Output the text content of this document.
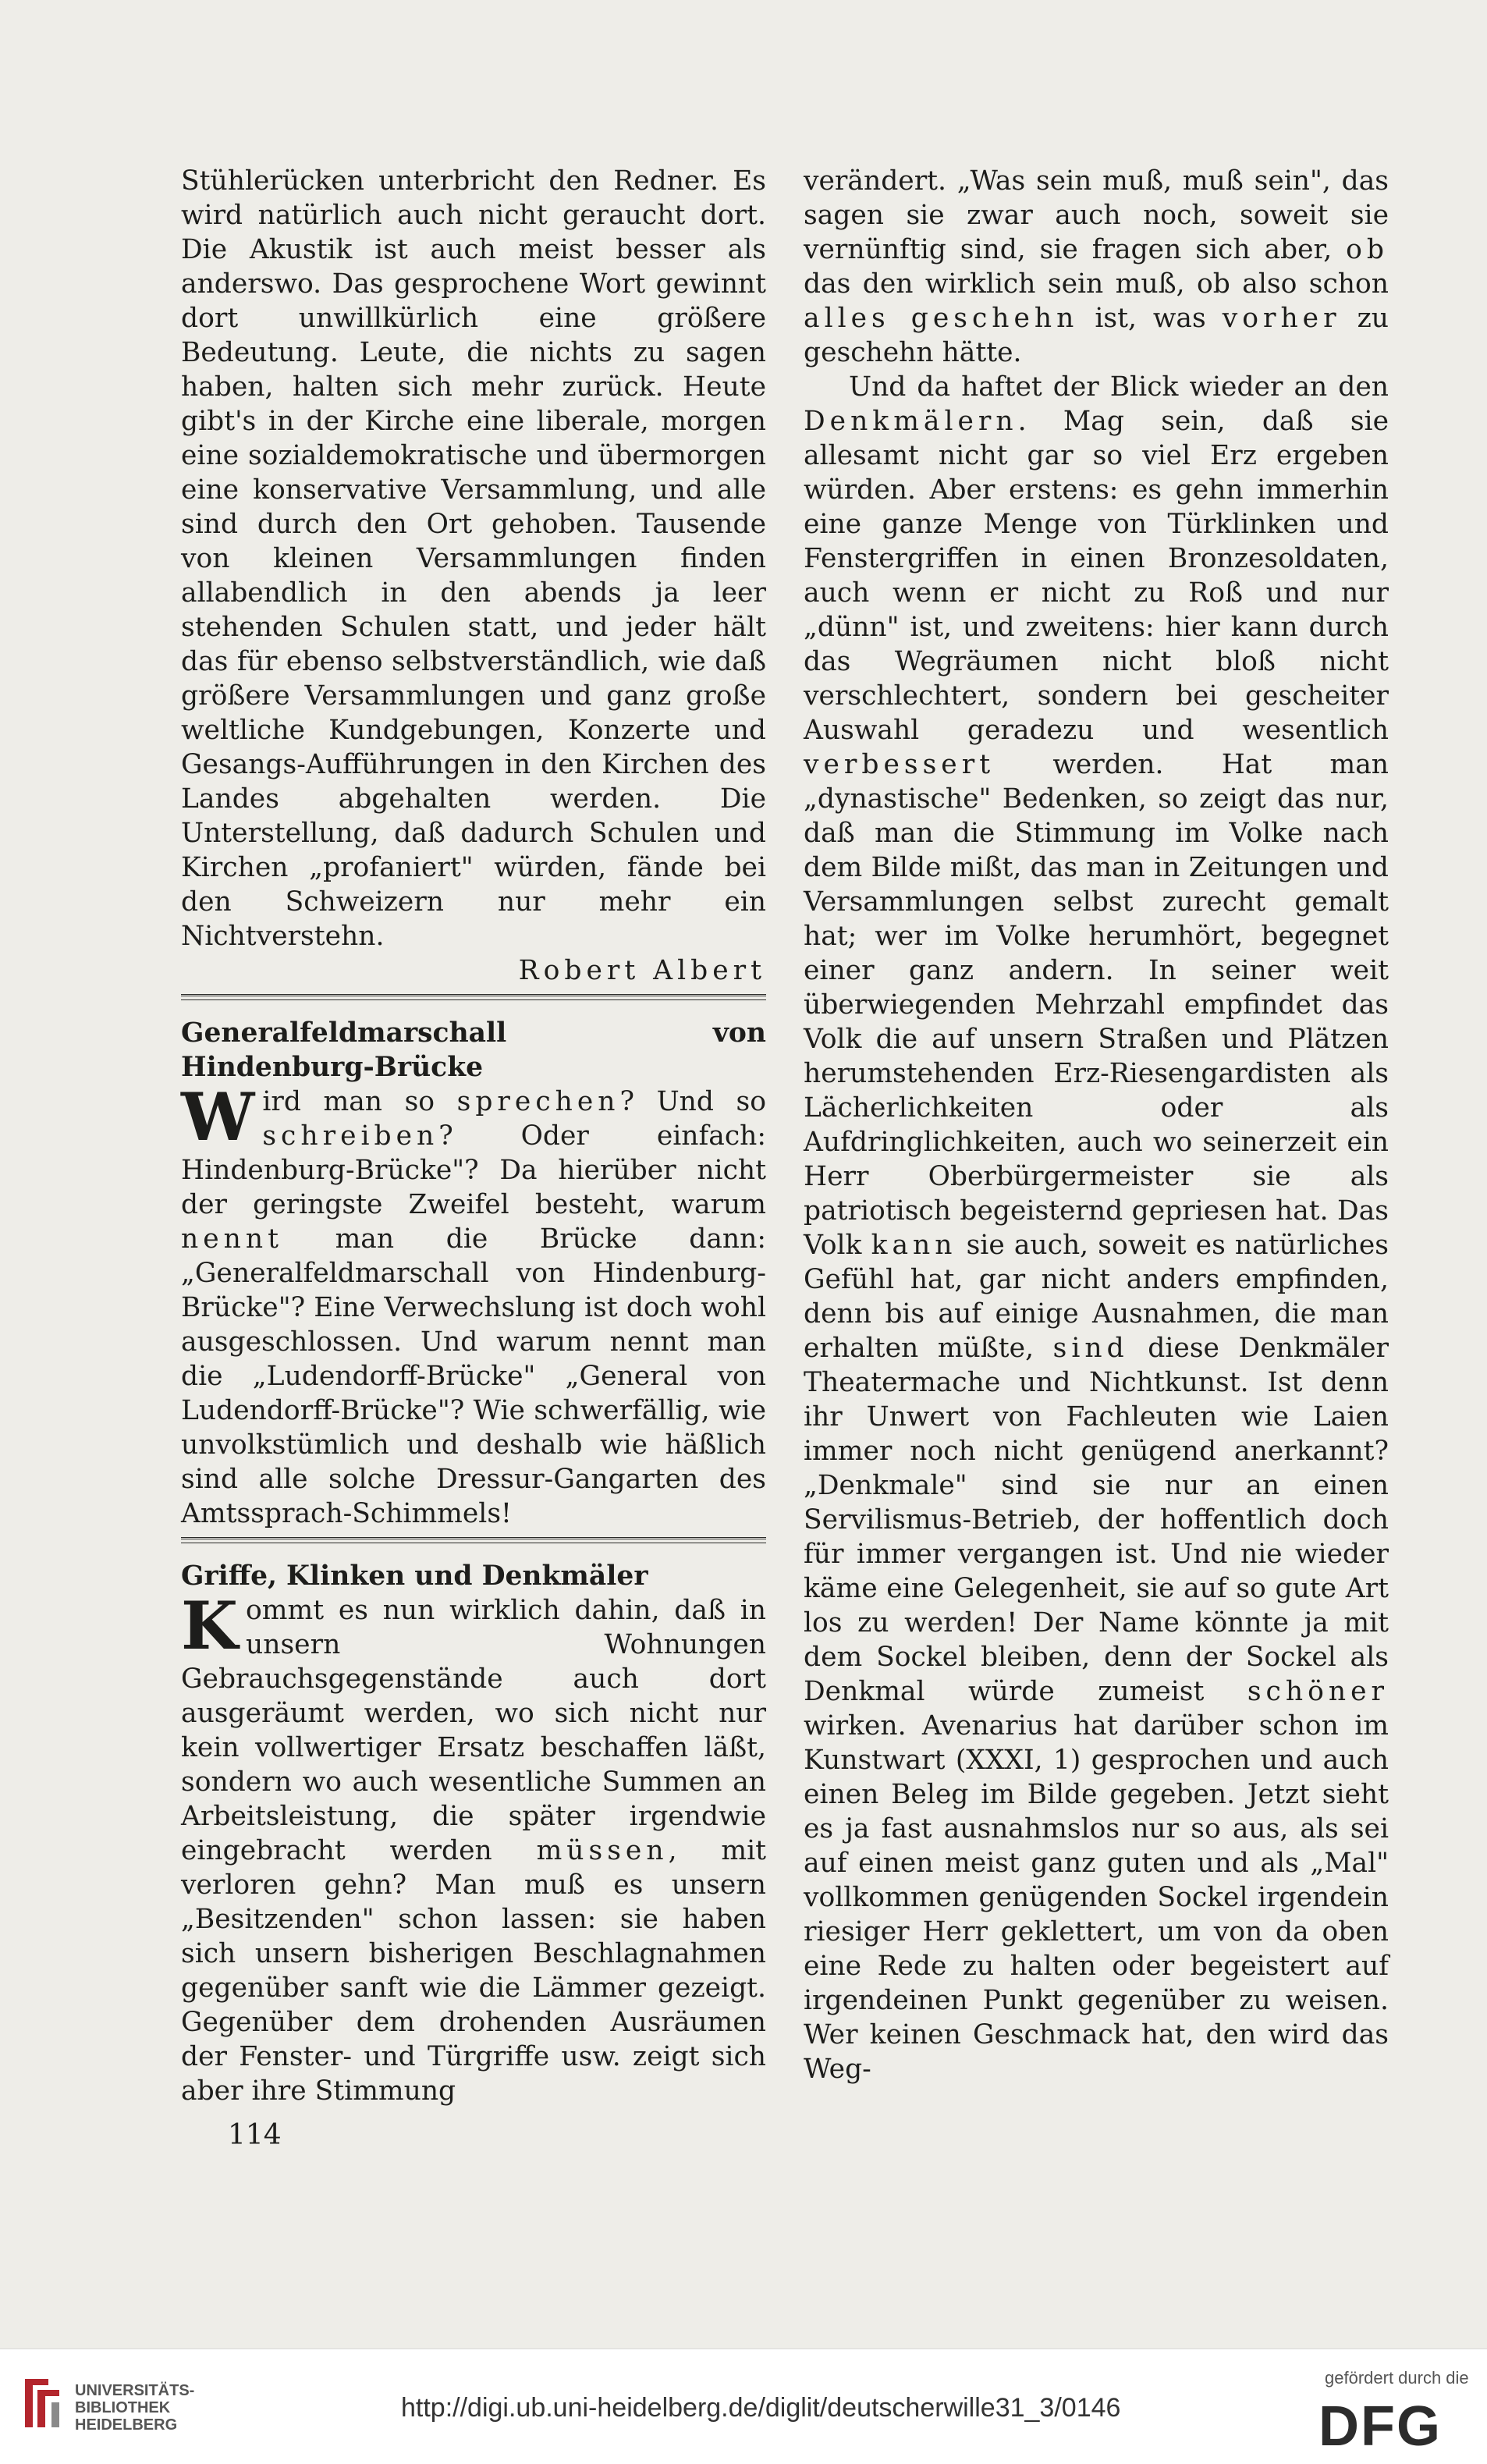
Stühlerücken unterbricht den Redner. Es wird natürlich auch nicht geraucht dort. Die Akustik ist auch meist besser als anderswo. Das gesprochene Wort gewinnt dort unwillkürlich eine größere Bedeutung. Leute, die nichts zu sagen haben, halten sich mehr zurück. Heute gibt's in der Kirche eine liberale, morgen eine sozialdemokratische und übermorgen eine konservative Versammlung, und alle sind durch den Ort gehoben. Tausende von kleinen Versammlungen finden allabendlich in den abends ja leer stehenden Schulen statt, und jeder hält das für ebenso selbstverständlich, wie daß größere Versammlungen und ganz große weltliche Kundgebungen, Konzerte und Gesangs-Aufführungen in den Kirchen des Landes abgehalten werden. Die Unterstellung, daß dadurch Schulen und Kirchen „profaniert" würden, fände bei den Schweizern nur mehr ein Nichtverstehn.

Robert Albert

Generalfeldmarschall von Hindenburg-Brücke

Wird man so sprechen? Und so schreiben? Oder einfach: Hindenburg-Brücke"? Da hierüber nicht der geringste Zweifel besteht, warum nennt man die Brücke dann: „Generalfeldmarschall von Hindenburg-Brücke"? Eine Verwechslung ist doch wohl ausgeschlossen. Und warum nennt man die „Ludendorff-Brücke" „General von Ludendorff-Brücke"? Wie schwerfällig, wie unvolkstümlich und deshalb wie häßlich sind alle solche Dressur-Gangarten des Amtssprach-Schimmels!

Griffe, Klinken und Denkmäler

Kommt es nun wirklich dahin, daß in unsern Wohnungen Gebrauchsgegenstände auch dort ausgeräumt werden, wo sich nicht nur kein vollwertiger Ersatz beschaffen läßt, sondern wo auch wesentliche Summen an Arbeitsleistung, die später irgendwie eingebracht werden müssen, mit verloren gehn? Man muß es unsern „Besitzenden" schon lassen: sie haben sich unsern bisherigen Beschlagnahmen gegenüber sanft wie die Lämmer gezeigt. Gegenüber dem drohenden Ausräumen der Fenster- und Türgriffe usw. zeigt sich aber ihre Stimmung

verändert. „Was sein muß, muß sein", das sagen sie zwar auch noch, soweit sie vernünftig sind, sie fragen sich aber, ob das den wirklich sein muß, ob also schon alles geschehn ist, was vorher zu geschehn hätte.

Und da haftet der Blick wieder an den Denkmälern. Mag sein, daß sie allesamt nicht gar so viel Erz ergeben würden. Aber erstens: es gehn immerhin eine ganze Menge von Türklinken und Fenstergriffen in einen Bronzesoldaten, auch wenn er nicht zu Roß und nur „dünn" ist, und zweitens: hier kann durch das Wegräumen nicht bloß nicht verschlechtert, sondern bei gescheiter Auswahl geradezu und wesentlich verbessert werden. Hat man „dynastische" Bedenken, so zeigt das nur, daß man die Stimmung im Volke nach dem Bilde mißt, das man in Zeitungen und Versammlungen selbst zurecht gemalt hat; wer im Volke herumhört, begegnet einer ganz andern. In seiner weit überwiegenden Mehrzahl empfindet das Volk die auf unsern Straßen und Plätzen herumstehenden Erz-Riesengardisten als Lächerlichkeiten oder als Aufdringlichkeiten, auch wo seinerzeit ein Herr Oberbürgermeister sie als patriotisch begeisternd gepriesen hat. Das Volk kann sie auch, soweit es natürliches Gefühl hat, gar nicht anders empfinden, denn bis auf einige Ausnahmen, die man erhalten müßte, sind diese Denkmäler Theatermache und Nichtkunst. Ist denn ihr Unwert von Fachleuten wie Laien immer noch nicht genügend anerkannt? „Denkmale" sind sie nur an einen Servilismus-Betrieb, der hoffentlich doch für immer vergangen ist. Und nie wieder käme eine Gelegenheit, sie auf so gute Art los zu werden! Der Name könnte ja mit dem Sockel bleiben, denn der Sockel als Denkmal würde zumeist schöner wirken. Avenarius hat darüber schon im Kunstwart (XXXI, 1) gesprochen und auch einen Beleg im Bilde gegeben. Jetzt sieht es ja fast ausnahmslos nur so aus, als sei auf einen meist ganz guten und als „Mal" vollkommen genügenden Sockel irgendein riesiger Herr geklettert, um von da oben eine Rede zu halten oder begeistert auf irgendeinen Punkt gegenüber zu weisen. Wer keinen Geschmack hat, den wird das Weg-

114
UNIVERSITÄTS-
BIBLIOTHEK
HEIDELBERG
http://digi.ub.uni-heidelberg.de/diglit/deutscherwille31_3/0146
gefördert durch die
DFG
